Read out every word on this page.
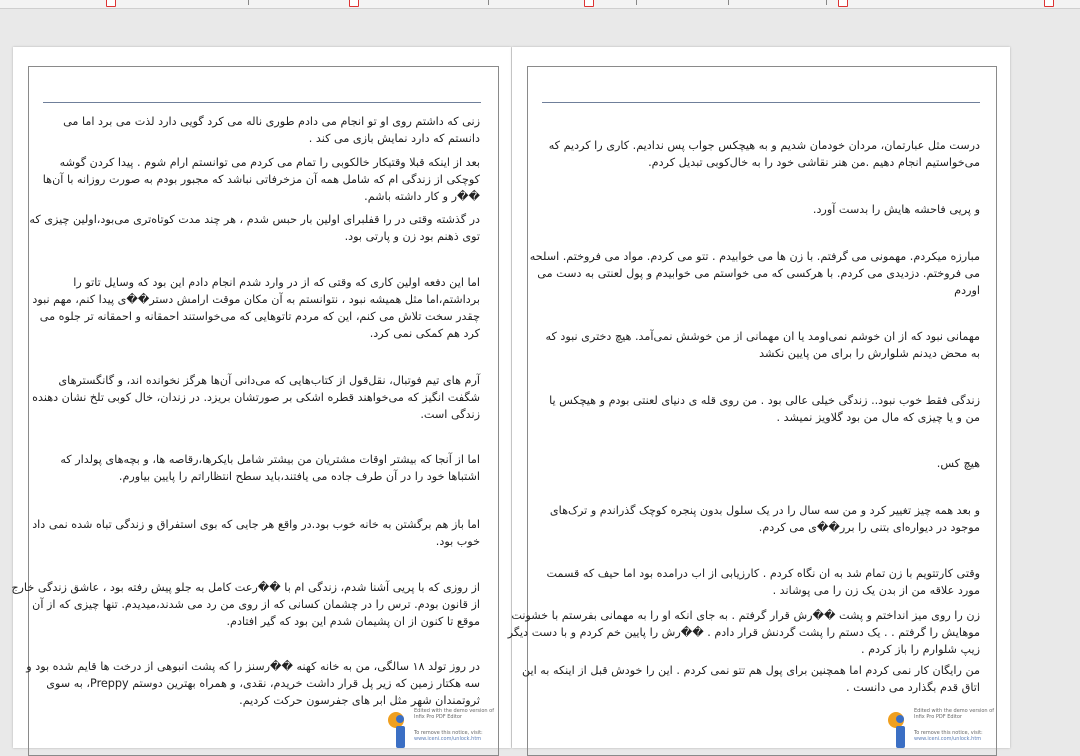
زنی که داشتم روی او تو انجام می دادم طوری ناله می کرد گویی دارد لذت می برد اما می
دانستم که دارد نمایش بازی می کند .
بعد از اینکه قبلا وقتیکار خالکوبی را تمام می کردم می توانستم ارام شوم . پیدا کردن گوشه
کوچکی از زندگی ام که شامل همه آن مزخرفاتی نباشد که مجبور بودم به صورت روزانه با آن‌ها
��ر و کار داشته باشم.
در گذشته وقتی در را قفلبرای اولین بار حبس شدم ، هر چند مدت کوتاه‌تری می‌بود،اولین چیزی که
توی ذهنم بود زن و پارتی بود.
اما این دفعه اولین کاری که وقتی که از در وارد شدم انجام دادم این بود که وسایل تاتو را
برداشتم،اما مثل همیشه نبود ، نتوانستم به آن مکان موقت ارامش دستر��ی پیدا کنم، مهم نبود
چقدر سخت تلاش می کنم، این که مردم تاتوهایی که می‌خواستند احمقانه و احمقانه تر جلوه می
کرد هم کمکی نمی کرد.
آرم های تیم فوتبال، نقل‌قول از کتاب‌هایی که می‌دانی آن‌ها هرگز نخوانده اند، و گانگسترهای
شگفت انگیز که می‌خواهند قطره اشکی بر صورتشان بریزد. در زندان، خال کوبی تلخ نشان دهنده
زندگی است.
اما از آنجا که بیشتر اوقات مشتریان من بیشتر شامل بایکرها،رقاصه ها، و بچه‌های پولدار که
اشتباها خود را در آن طرف جاده می یافتند،باید سطح انتظاراتم را پایین بیاورم.
اما باز هم برگشتن به خانه خوب بود.در واقع هر جایی که بوی استفراق و زندگی تباه شده نمی داد
خوب بود.
از روزی که با پریی آشنا شدم، زندگی ام با ��رعت کامل به جلو پیش رفته بود ، عاشق زندگی خارج
از قانون بودم. ترس را در چشمان کسانی که از روی من رد می شدند،میدیدم. تنها چیزی که از آن
موقع تا کنون از ان پشیمان شدم این بود که گیر افتادم.
در روز تولد ۱۸ سالگی، من به خانه کهنه ��رسنز را که پشت انبوهی از درخت ها قایم شده بود و
سه هکتار زمین که زیر پل قرار داشت خریدم، نقدی، و همراه بهترین دوستم Preppy، به سوی
ثروتمندان شهر مثل ابر های جفرسون حرکت کردیم.
درست مثل عبارتمان، مردان خودمان شدیم و به هیچکس جواب پس ندادیم. کاری را کردیم که
می‌خواستیم انجام دهیم .من هنر نقاشی خود را به خال‌کوبی تبدیل کردم.
و پریی فاحشه هایش را بدست آورد.
مبارزه میکردم. مهمونی می گرفتم. با زن ها می خوابیدم . تتو می کردم. مواد می فروختم. اسلحه
می فروختم. دزدیدی می کردم. با هرکسی که می خواستم می خوابیدم و پول لعنتی به دست می
اوردم
مهمانی نبود که از ان خوشم نمی‌اومد یا ان مهمانی از من خوشش نمی‌آمد. هیچ دختری نبود که
به محض دیدنم شلوارش را برای من پایین نکشد
زندگی فقط خوب نبود.. زندگی خیلی عالی بود . من روی قله ی دنیای لعنتی بودم و هیچکس یا
من و یا چیزی که مال من بود گلاویز نمیشد .
هیچ کس.
و بعد همه چیز تغییر کرد و من سه سال را در یک سلول بدون پنجره کوچک گذراندم و ترک‌های
موجود در دیواره‌ای بتنی را برر��ی می کردم.
وقتی کارتتویم با زن تمام شد به ان نگاه کردم . کارزیابی از اب درامده بود اما حیف که قسمت
مورد علاقه من از بدن یک زن را می پوشاند .
زن را روی میز انداختم و پشت ��رش قرار گرفتم . به جای انکه او را به مهمانی بفرستم با خشونت
موهایش را گرفتم . . یک دستم را پشت گردنش قرار دادم . ��رش را پایین خم کردم و با دست دیگر
زیپ شلوارم را باز کردم .
من رایگان کار نمی کردم اما همچنین برای پول هم تتو نمی کردم . این را خودش قبل از اینکه به این
اتاق قدم بگذارد می دانست .
Edited with the demo version of
Infix Pro PDF Editor
To remove this notice, visit:
www.iceni.com/unlock.htm
Edited with the demo version of
Infix Pro PDF Editor
To remove this notice, visit:
www.iceni.com/unlock.htm
